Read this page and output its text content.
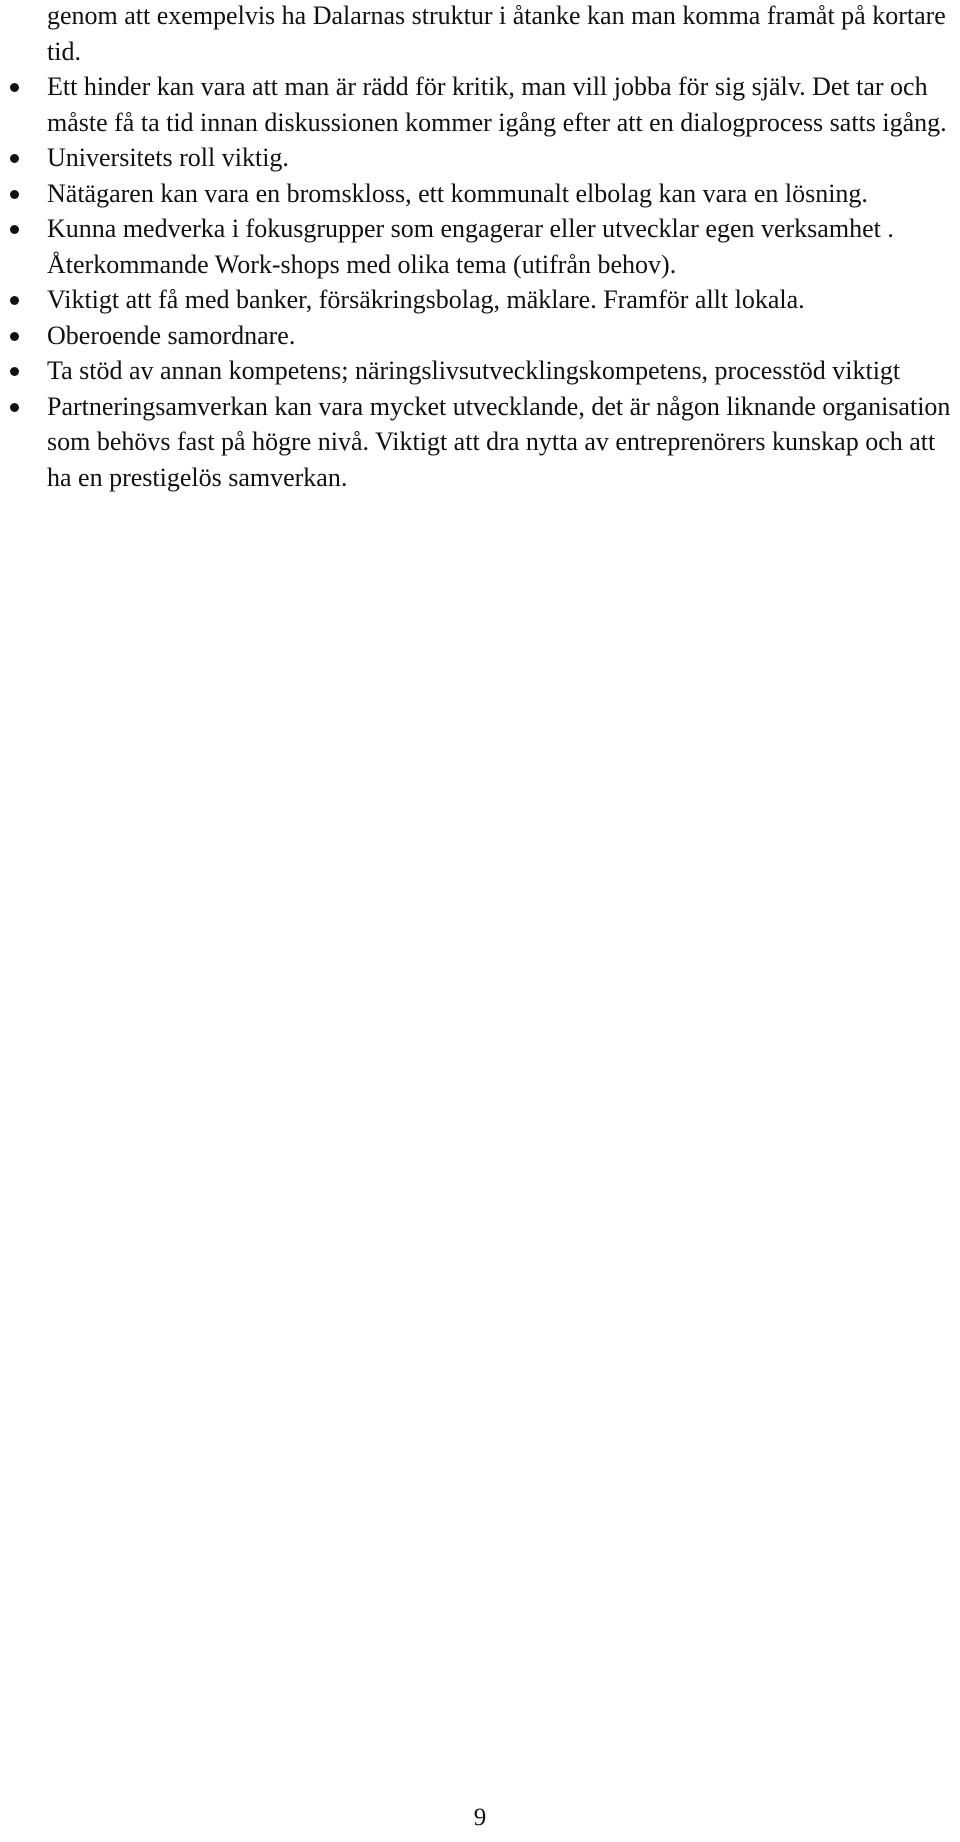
genom att exempelvis ha Dalarnas struktur i åtanke kan man komma framåt på kortare tid.

Ett hinder kan vara att man är rädd för kritik, man vill jobba för sig själv. Det tar och måste få ta tid innan diskussionen kommer igång efter att en dialogprocess satts igång.
Universitets roll viktig.
Nätägaren kan vara en bromskloss, ett kommunalt elbolag kan vara en lösning.
Kunna medverka i fokusgrupper som engagerar eller utvecklar egen verksamhet . Återkommande Work-shops med olika tema (utifrån behov).
Viktigt att få med banker, försäkringsbolag, mäklare. Framför allt lokala.
Oberoende samordnare.
Ta stöd av annan kompetens; näringslivsutvecklingskompetens, processtöd viktigt
Partneringsamverkan kan vara mycket utvecklande, det är någon liknande organisation som behövs fast på högre nivå. Viktigt att dra nytta av entreprenörers kunskap och att ha en prestigelös samverkan.
9
